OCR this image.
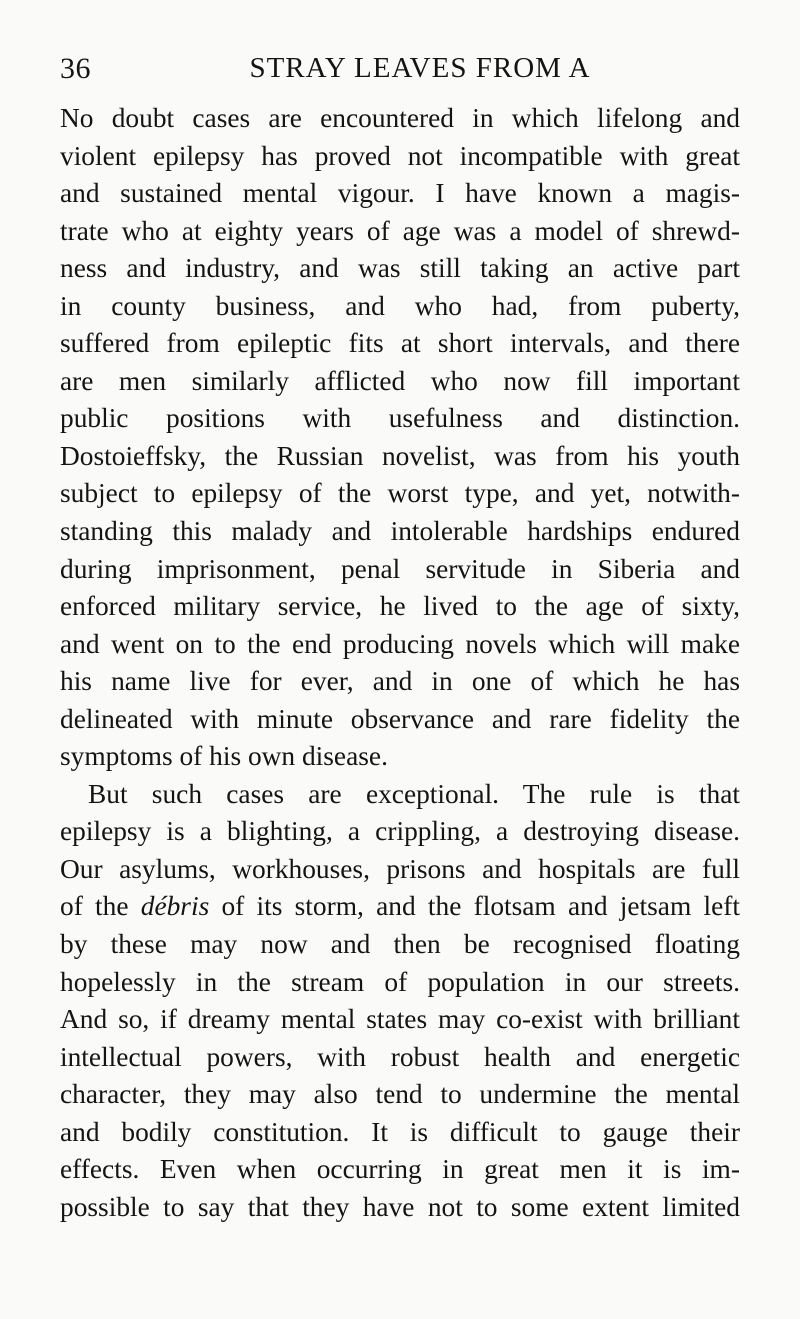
36	STRAY LEAVES FROM A
No doubt cases are encountered in which lifelong and
violent epilepsy has proved not incompatible with great
and sustained mental vigour. I have known a magis-
trate who at eighty years of age was a model of shrewd-
ness and industry, and was still taking an active part
in county business, and who had, from puberty,
suffered from epileptic fits at short intervals, and there
are men similarly afflicted who now fill important
public positions with usefulness and distinction.
Dostoieffsky, the Russian novelist, was from his youth
subject to epilepsy of the worst type, and yet, notwith-
standing this malady and intolerable hardships endured
during imprisonment, penal servitude in Siberia and
enforced military service, he lived to the age of sixty,
and went on to the end producing novels which will make
his name live for ever, and in one of which he has
delineated with minute observance and rare fidelity the
symptoms of his own disease.
But such cases are exceptional. The rule is that
epilepsy is a blighting, a crippling, a destroying disease.
Our asylums, workhouses, prisons and hospitals are full
of the débris of its storm, and the flotsam and jetsam left
by these may now and then be recognised floating
hopelessly in the stream of population in our streets.
And so, if dreamy mental states may co-exist with brilliant
intellectual powers, with robust health and energetic
character, they may also tend to undermine the mental
and bodily constitution. It is difficult to gauge their
effects. Even when occurring in great men it is im-
possible to say that they have not to some extent limited
